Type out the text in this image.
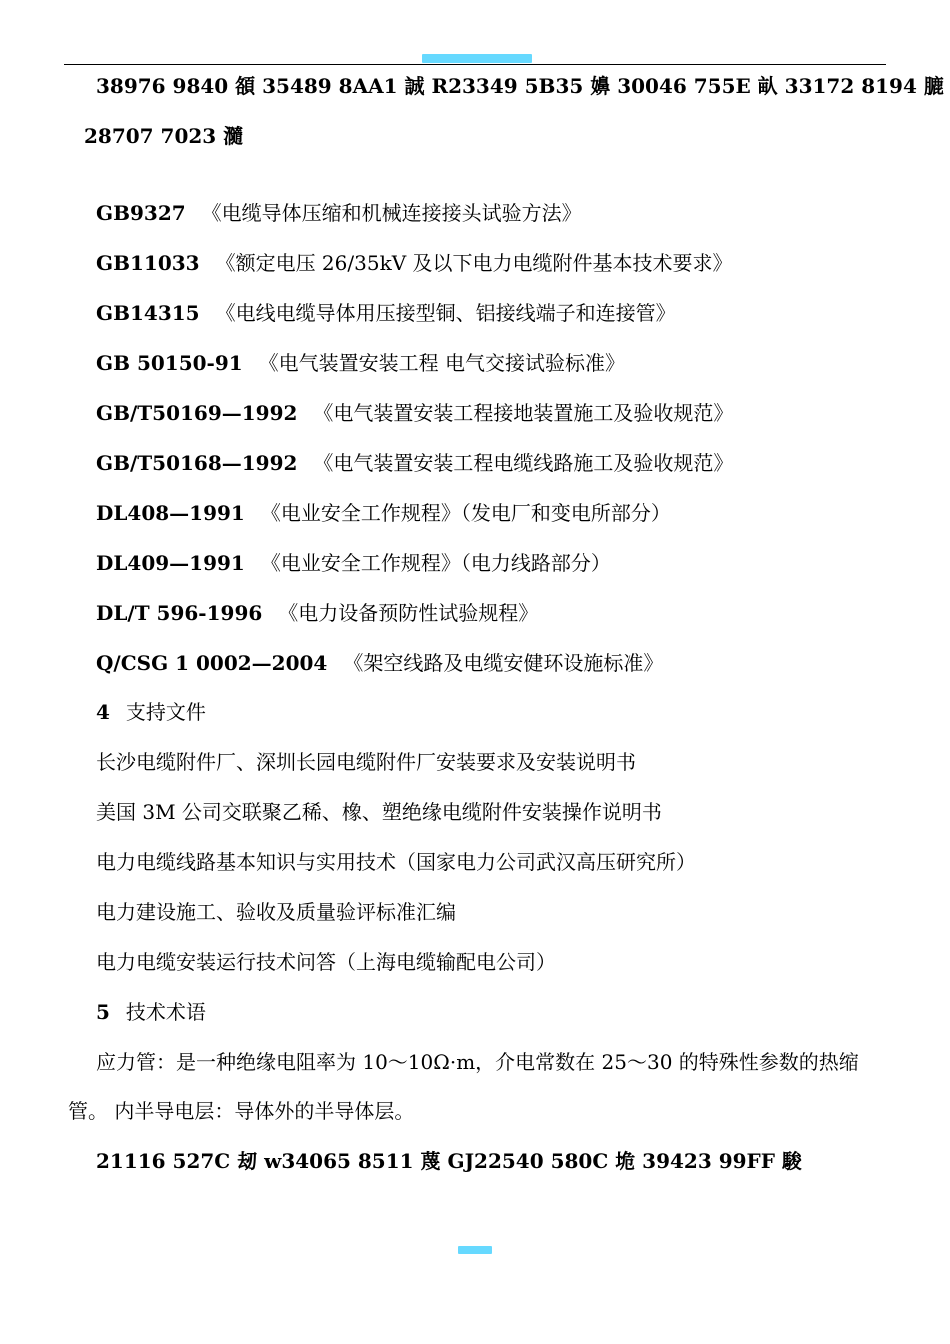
38976 9840 頟 35489 8AA1 誠 R23349 5B35 嬶 30046 755E 畒 33172 8194 膔
28707 7023 瀡
GB9327 《电缆导体压缩和机械连接接头试验方法》
GB11033 《额定电压 26/35kV 及以下电力电缆附件基本技术要求》
GB14315 《电线电缆导体用压接型铜、铝接线端子和连接管》
GB 50150-91 《电气装置安装工程 电气交接试验标准》
GB/T50169—1992 《电气装置安装工程接地装置施工及验收规范》
GB/T50168—1992 《电气装置安装工程电缆线路施工及验收规范》
DL408—1991 《电业安全工作规程》（发电厂和变电所部分）
DL409—1991 《电业安全工作规程》（电力线路部分）
DL/T 596-1996 《电力设备预防性试验规程》
Q/CSG 1 0002—2004 《架空线路及电缆安健环设施标准》
4 支持文件
长沙电缆附件厂、深圳长园电缆附件厂安装要求及安装说明书
美国 3M 公司交联聚乙稀、橡、塑绝缘电缆附件安装操作说明书
电力电缆线路基本知识与实用技术（国家电力公司武汉高压研究所）
电力建设施工、验收及质量验评标准汇编
电力电缆安装运行技术问答（上海电缆输配电公司）
5 技术术语
应力管：是一种绝缘电阻率为 10～10Ω·m，介电常数在 25～30 的特殊性参数的热缩
管。 内半导电层：导体外的半导体层。
21116 527C 刼 w34065 8511 蔑 GJ22540 580C 垝 39423 99FF 駿
